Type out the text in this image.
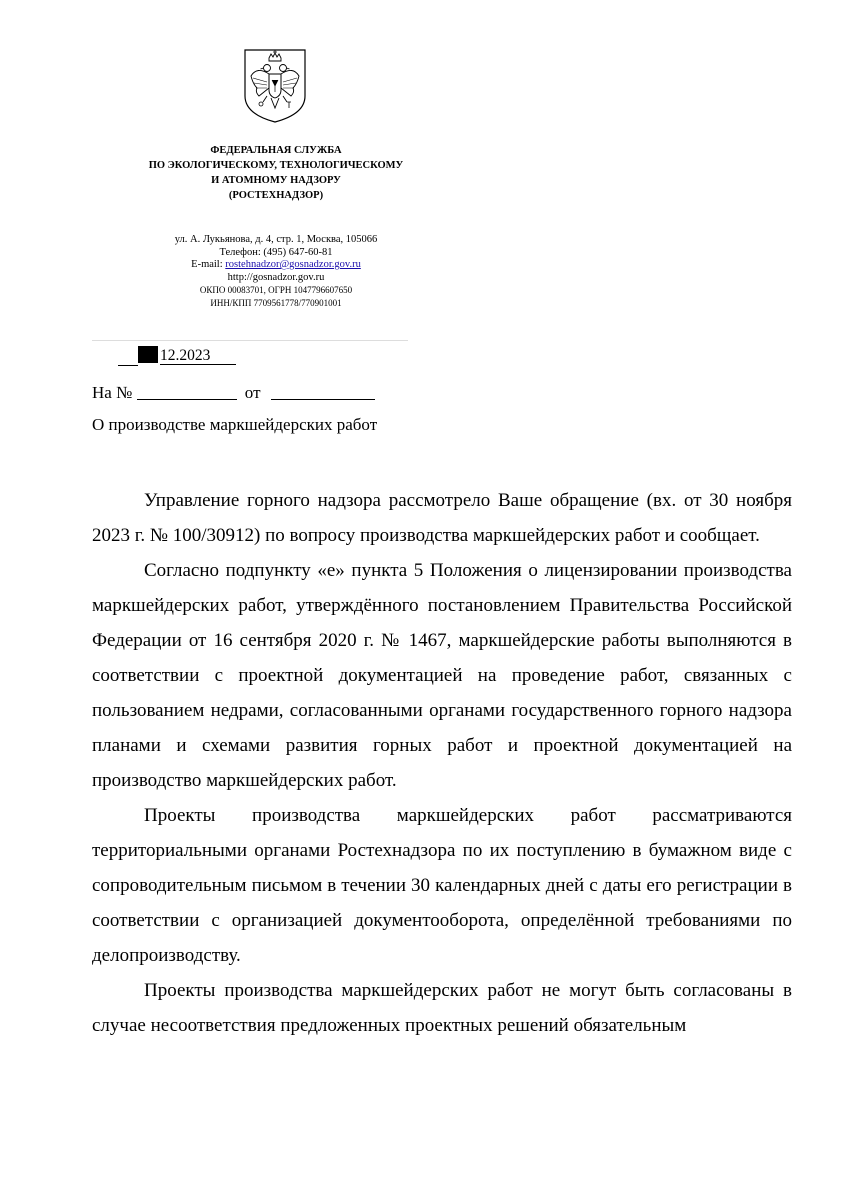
ФЕДЕРАЛЬНАЯ СЛУЖБА
ПО ЭКОЛОГИЧЕСКОМУ, ТЕХНОЛОГИЧЕСКОМУ
И АТОМНОМУ НАДЗОРУ
(РОСТЕХНАДЗОР)
ул. А. Лукьянова, д. 4, стр. 1, Москва, 105066
Телефон: (495) 647-60-81
E-mail: rostehnadzor@gosnadzor.gov.ru
http://gosnadzor.gov.ru
ОКПО 00083701, ОГРН 1047796607650
ИНН/КПП 7709561778/770901001
12.2023
На №	от
О производстве маркшейдерских работ

Управление горного надзора рассмотрело Ваше обращение (вх. от 30 ноября 2023 г. № 100/30912) по вопросу производства маркшейдерских работ и сообщает.

Согласно подпункту «е» пункта 5 Положения о лицензировании производства маркшейдерских работ, утверждённого постановлением Правительства Российской Федерации от 16 сентября 2020 г. № 1467, маркшейдерские работы выполняются в соответствии с проектной документацией на проведение работ, связанных с пользованием недрами, согласованными органами государственного горного надзора планами и схемами развития горных работ и проектной документацией на производство маркшейдерских работ.

Проекты производства маркшейдерских работ рассматриваются территориальными органами Ростехнадзора по их поступлению в бумажном виде с сопроводительным письмом в течении 30 календарных дней с даты его регистрации в соответствии с организацией документооборота, определённой требованиями по делопроизводству.

Проекты производства маркшейдерских работ не могут быть согласованы в случае несоответствия предложенных проектных решений обязательным
